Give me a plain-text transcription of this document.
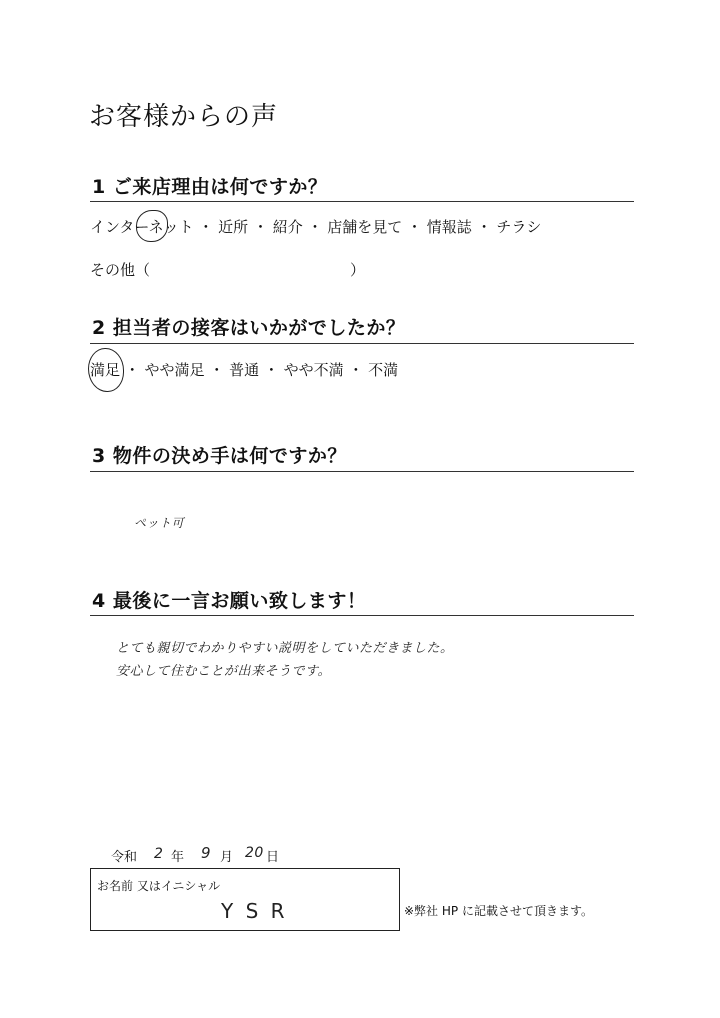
お客様からの声
1 ご来店理由は何ですか？
インターネット ・ 近所 ・ 紹介 ・ 店舗を見て ・ 情報誌 ・ チラシ
その他（	）
2 担当者の接客はいかがでしたか？
満足 ・ やや満足 ・ 普通 ・ やや不満 ・ 不満
3 物件の決め手は何ですか？
ペット可
4 最後に一言お願い致します！
とても親切でわかりやすい説明をしていただきました。
安心して住むことが出来そうです。
令和 2 年 9 月 20 日
お名前 又はイニシャル
Y S R	※弊社 HP に記載させて頂きます。
